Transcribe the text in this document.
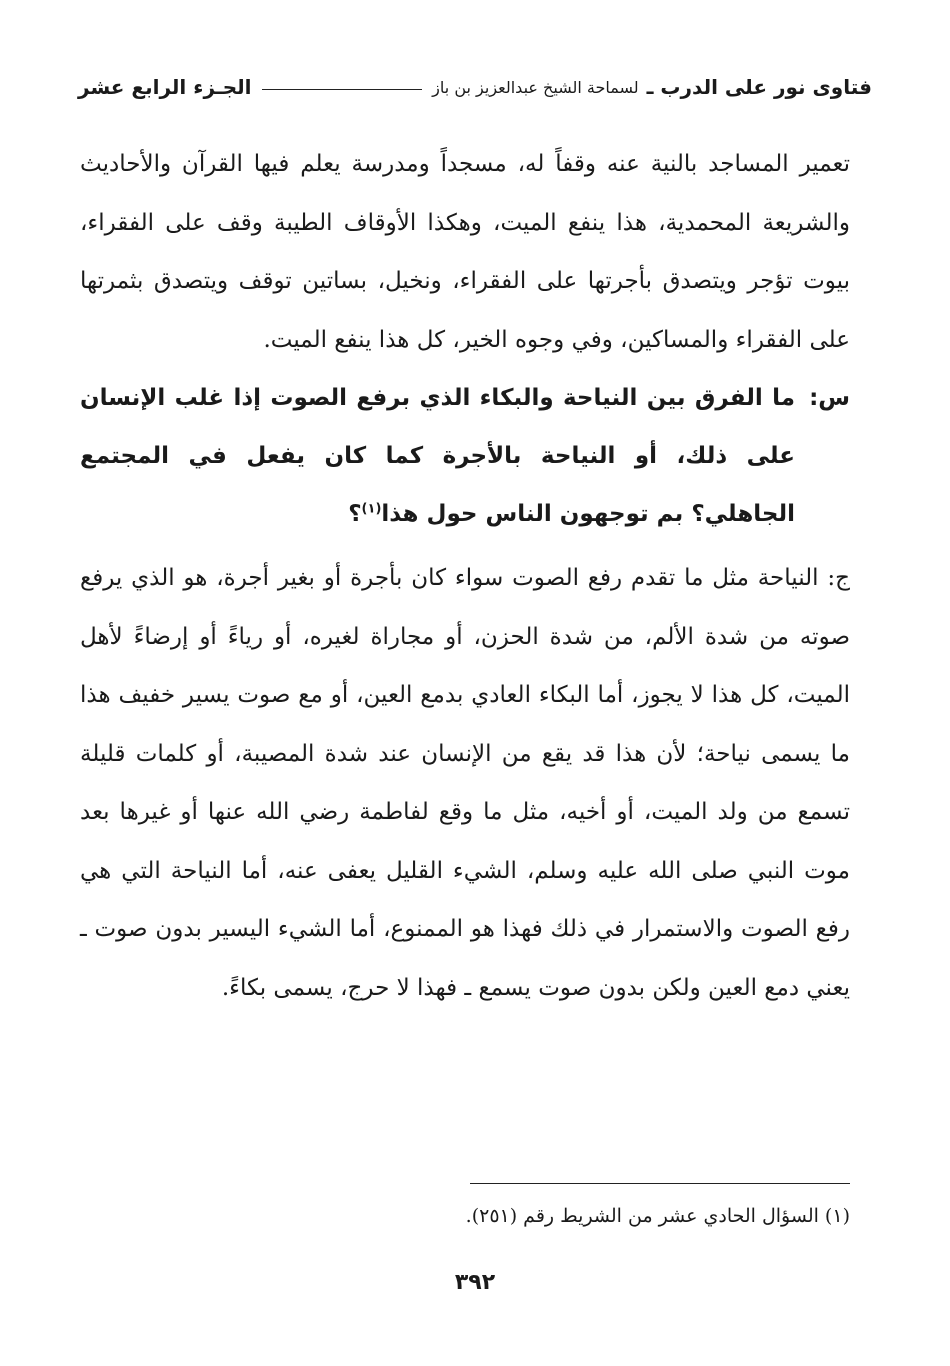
فتاوى نور على الدرب ـ
لسماحة الشيخ عبدالعزيز بن باز
الجـزء الرابع عشر

تعمير المساجد بالنية عنه وقفاً له، مسجداً ومدرسة يعلم فيها القرآن والأحاديث والشريعة المحمدية، هذا ينفع الميت، وهكذا الأوقاف الطيبة وقف على الفقراء، بيوت تؤجر ويتصدق بأجرتها على الفقراء، ونخيل، بساتين توقف ويتصدق بثمرتها على الفقراء والمساكين، وفي وجوه الخير، كل هذا ينفع الميت.

س:ما الفرق بين النياحة والبكاء الذي برفع الصوت إذا غلب الإنسان على ذلك، أو النياحة بالأجرة كما كان يفعل في المجتمع الجاهلي؟ بم توجهون الناس حول هذا$^{(١)}$؟

ج: النياحة مثل ما تقدم رفع الصوت سواء كان بأجرة أو بغير أجرة، هو الذي يرفع صوته من شدة الألم، من شدة الحزن، أو مجاراة لغيره، أو رياءً أو إرضاءً لأهل الميت، كل هذا لا يجوز، أما البكاء العادي بدمع العين، أو مع صوت يسير خفيف هذا ما يسمى نياحة؛ لأن هذا قد يقع من الإنسان عند شدة المصيبة، أو كلمات قليلة تسمع من ولد الميت، أو أخيه، مثل ما وقع لفاطمة رضي الله عنها أو غيرها بعد موت النبي صلى الله عليه وسلم، الشيء القليل يعفى عنه، أما النياحة التي هي رفع الصوت والاستمرار في ذلك فهذا هو الممنوع، أما الشيء اليسير بدون صوت ـ يعني دمع العين ولكن بدون صوت يسمع ـ فهذا لا حرج، يسمى بكاءً.

(١) السؤال الحادي عشر من الشريط رقم (٢٥١).
٣٩٢
